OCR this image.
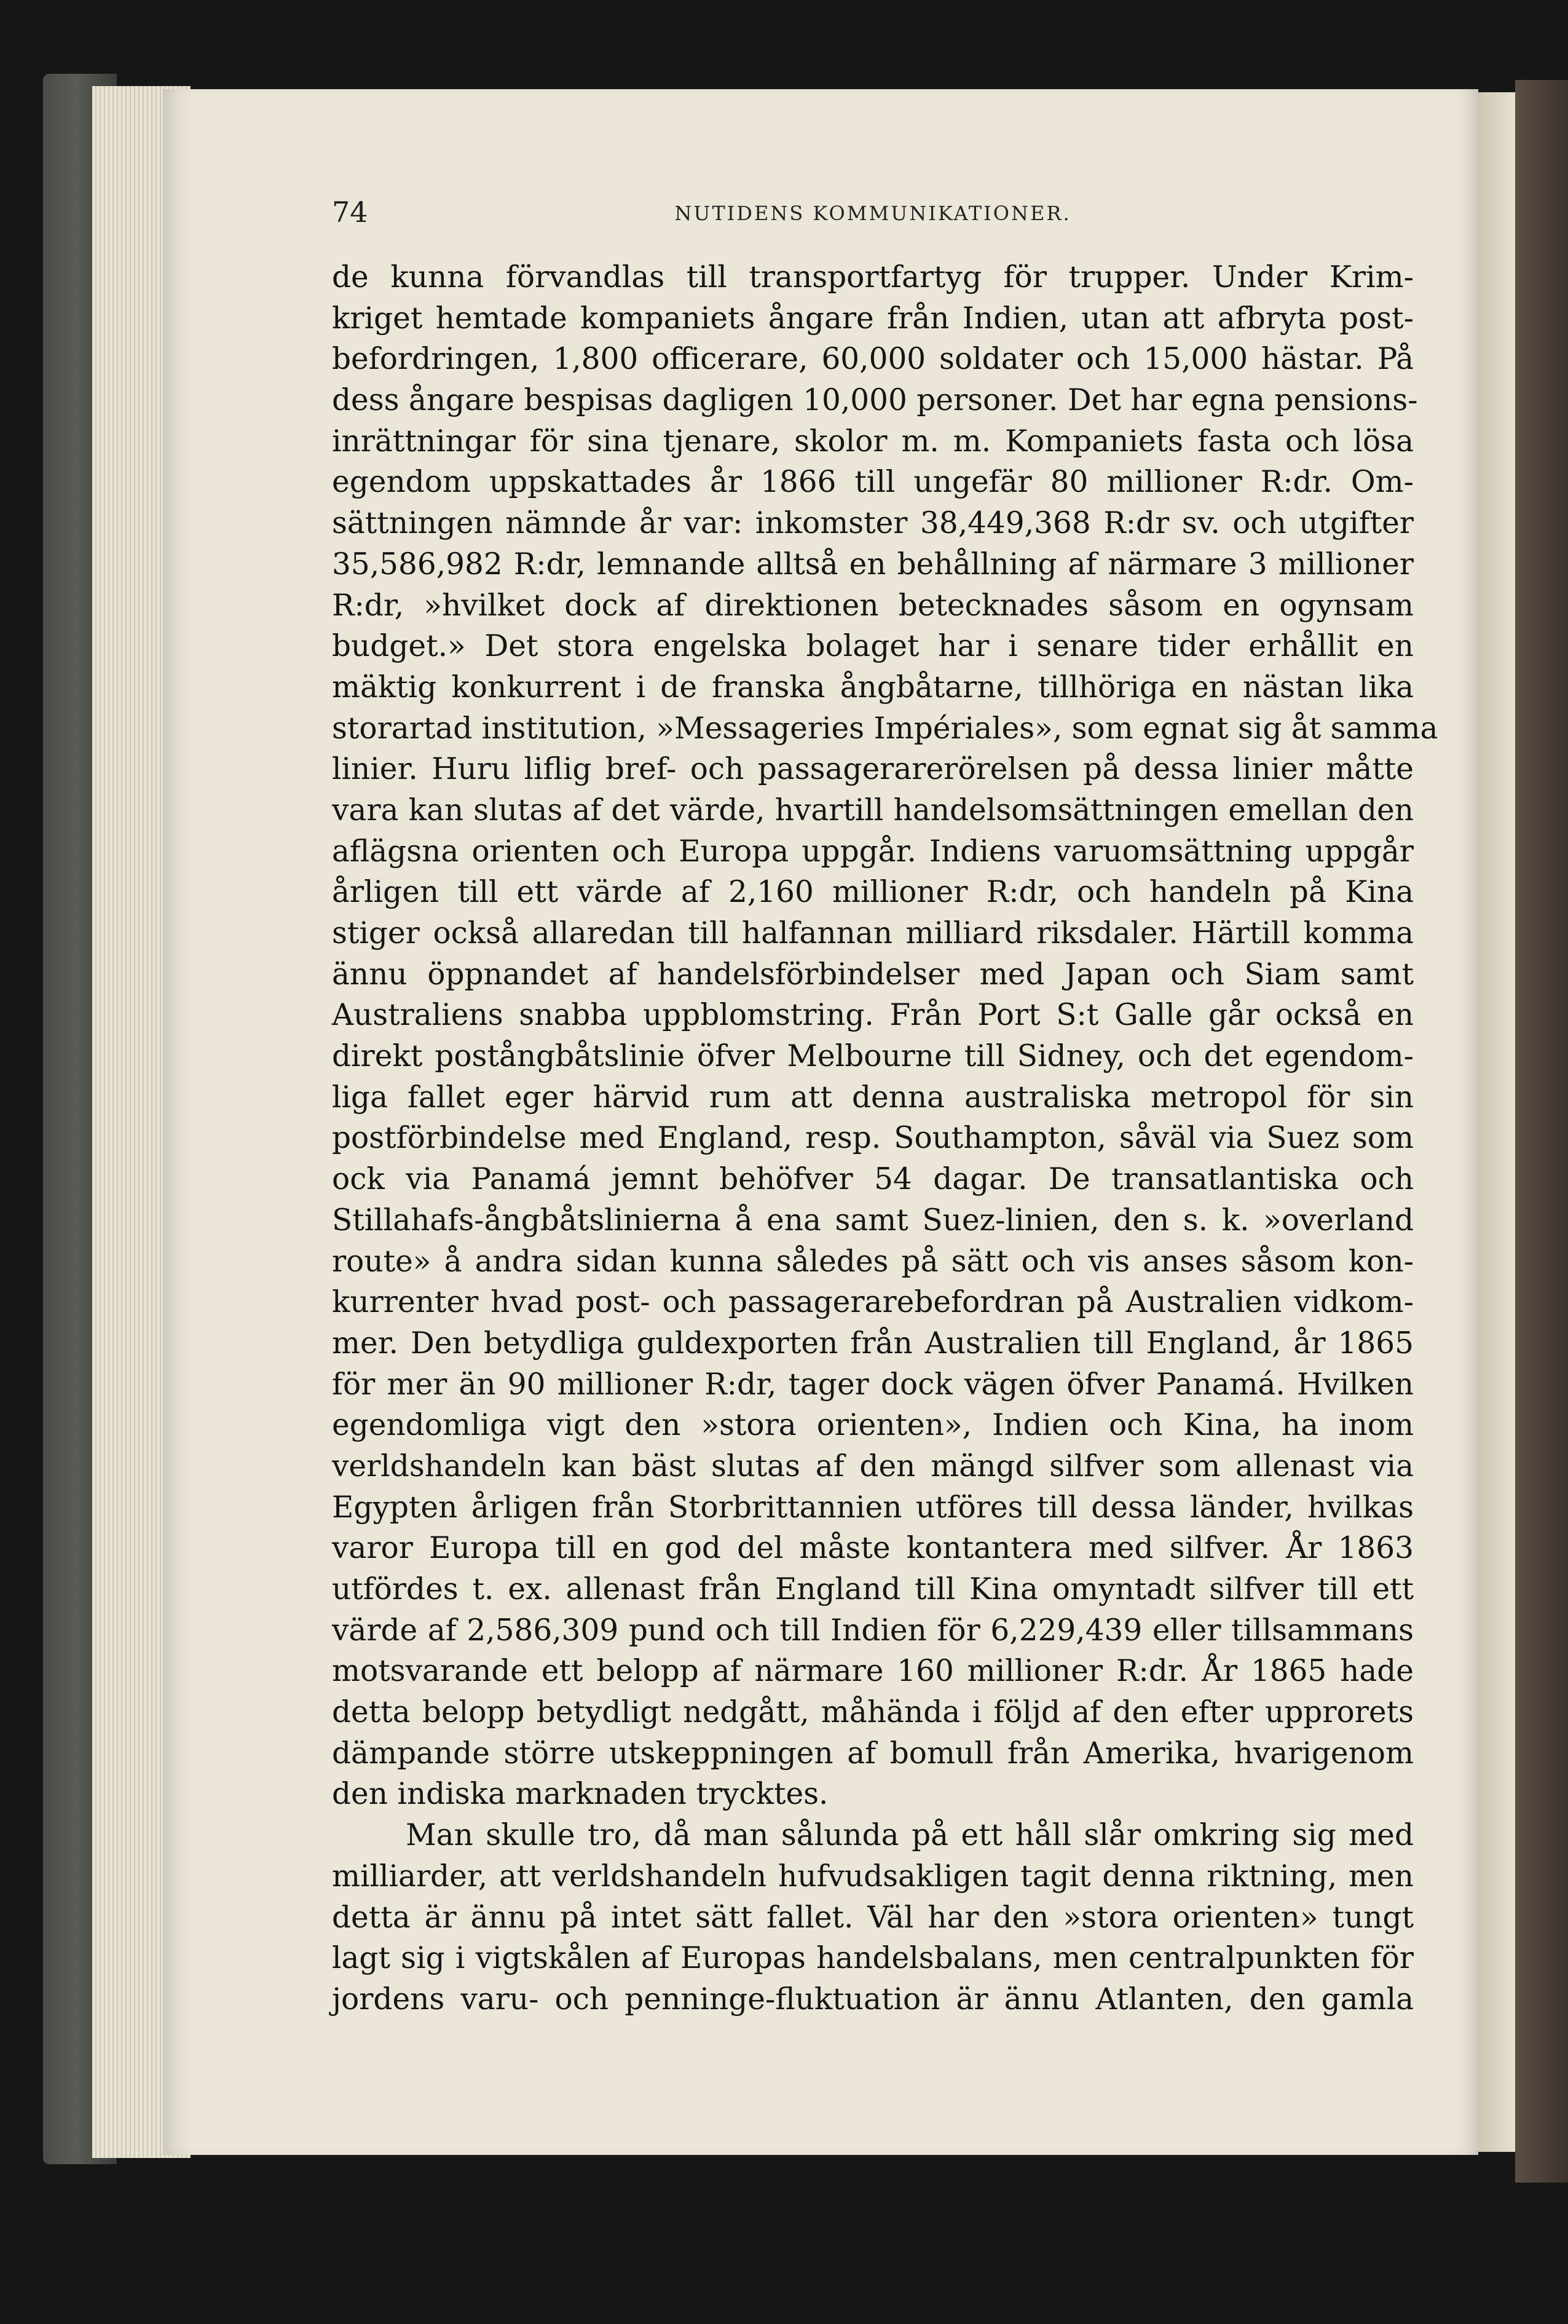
74	NUTIDENS KOMMUNIKATIONER.
de kunna förvandlas till transportfartyg för trupper. Under Krim-
kriget hemtade kompaniets ångare från Indien, utan att afbryta post-
befordringen, 1,800 officerare, 60,000 soldater och 15,000 hästar. På
dess ångare bespisas dagligen 10,000 personer. Det har egna pensions-
inrättningar för sina tjenare, skolor m. m. Kompaniets fasta och lösa
egendom uppskattades år 1866 till ungefär 80 millioner R:dr. Om-
sättningen nämnde år var: inkomster 38,449,368 R:dr sv. och utgifter
35,586,982 R:dr, lemnande alltså en behållning af närmare 3 millioner
R:dr, »hvilket dock af direktionen betecknades såsom en ogynsam
budget.» Det stora engelska bolaget har i senare tider erhållit en
mäktig konkurrent i de franska ångbåtarne, tillhöriga en nästan lika
storartad institution, »Messageries Impériales», som egnat sig åt samma
linier. Huru liflig bref- och passagerarerörelsen på dessa linier måtte
vara kan slutas af det värde, hvartill handelsomsättningen emellan den
aflägsna orienten och Europa uppgår. Indiens varuomsättning uppgår
årligen till ett värde af 2,160 millioner R:dr, och handeln på Kina
stiger också allaredan till halfannan milliard riksdaler. Härtill komma
ännu öppnandet af handelsförbindelser med Japan och Siam samt
Australiens snabba uppblomstring. Från Port S:t Galle går också en
direkt postångbåtslinie öfver Melbourne till Sidney, och det egendom-
liga fallet eger härvid rum att denna australiska metropol för sin
postförbindelse med England, resp. Southampton, såväl via Suez som
ock via Panamá jemnt behöfver 54 dagar. De transatlantiska och
Stillahafs-ångbåtslinierna å ena samt Suez-linien, den s. k. »overland
route» å andra sidan kunna således på sätt och vis anses såsom kon-
kurrenter hvad post- och passagerarebefordran på Australien vidkom-
mer. Den betydliga guldexporten från Australien till England, år 1865
för mer än 90 millioner R:dr, tager dock vägen öfver Panamá. Hvilken
egendomliga vigt den »stora orienten», Indien och Kina, ha inom
verldshandeln kan bäst slutas af den mängd silfver som allenast via
Egypten årligen från Storbrittannien utföres till dessa länder, hvilkas
varor Europa till en god del måste kontantera med silfver. År 1863
utfördes t. ex. allenast från England till Kina omyntadt silfver till ett
värde af 2,586,309 pund och till Indien för 6,229,439 eller tillsammans
motsvarande ett belopp af närmare 160 millioner R:dr. År 1865 hade
detta belopp betydligt nedgått, måhända i följd af den efter upprorets
dämpande större utskeppningen af bomull från Amerika, hvarigenom
den indiska marknaden trycktes.
Man skulle tro, då man sålunda på ett håll slår omkring sig med
milliarder, att verldshandeln hufvudsakligen tagit denna riktning, men
detta är ännu på intet sätt fallet. Väl har den »stora orienten» tungt
lagt sig i vigtskålen af Europas handelsbalans, men centralpunkten för
jordens varu- och penninge-fluktuation är ännu Atlanten, den gamla
